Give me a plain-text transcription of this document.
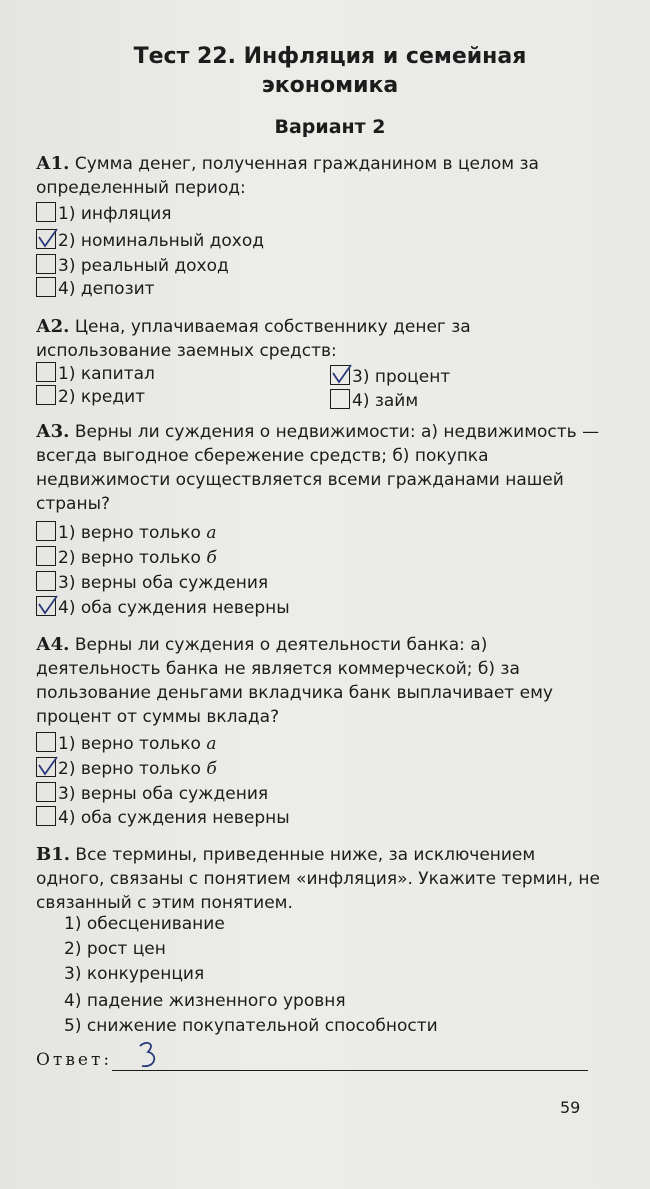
Тест 22. Инфляция и семейная
экономика
Вариант 2
А1. Сумма денег, полученная гражданином в целом за определенный период:
1) инфляция
2) номинальный доход
3) реальный доход
4) депозит
А2. Цена, уплачиваемая собственнику денег за использование заемных средств:
1) капитал
2) кредит
3) процент
4) займ
А3. Верны ли суждения о недвижимости: а) недвижимость — всегда выгодное сбережение средств; б) покупка недвижимости осуществляется всеми гражданами нашей страны?
1) верно только а
2) верно только б
3) верны оба суждения
4) оба суждения неверны
А4. Верны ли суждения о деятельности банка: а) деятельность банка не является коммерческой; б) за пользование деньгами вкладчика банк выплачивает ему процент от суммы вклада?
1) верно только а
2) верно только б
3) верны оба суждения
4) оба суждения неверны
В1. Все термины, приведенные ниже, за исключением одного, связаны с понятием «инфляция». Укажите термин, не связанный с этим понятием.
1) обесценивание
2) рост цен
3) конкуренция
4) падение жизненного уровня
5) снижение покупательной способности
Ответ:
59
